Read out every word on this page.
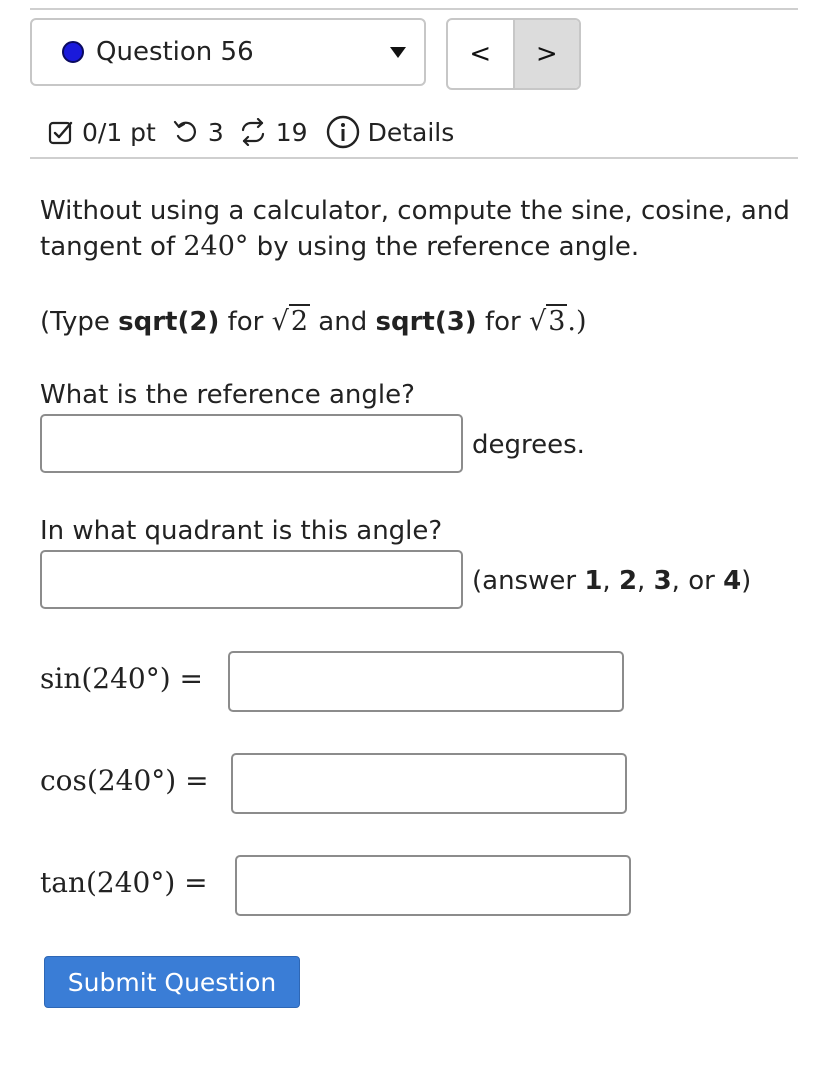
Question 56	<	>
0/1 pt 3 19 Details
Without using a calculator, compute the sine, cosine, and
tangent of 240° by using the reference angle.
(Type sqrt(2) for √2 and sqrt(3) for √3.)
What is the reference angle?
degrees.
In what quadrant is this angle?
(answer 1, 2, 3, or 4)
sin(240°) =
cos(240°) =
tan(240°) =
Submit Question
